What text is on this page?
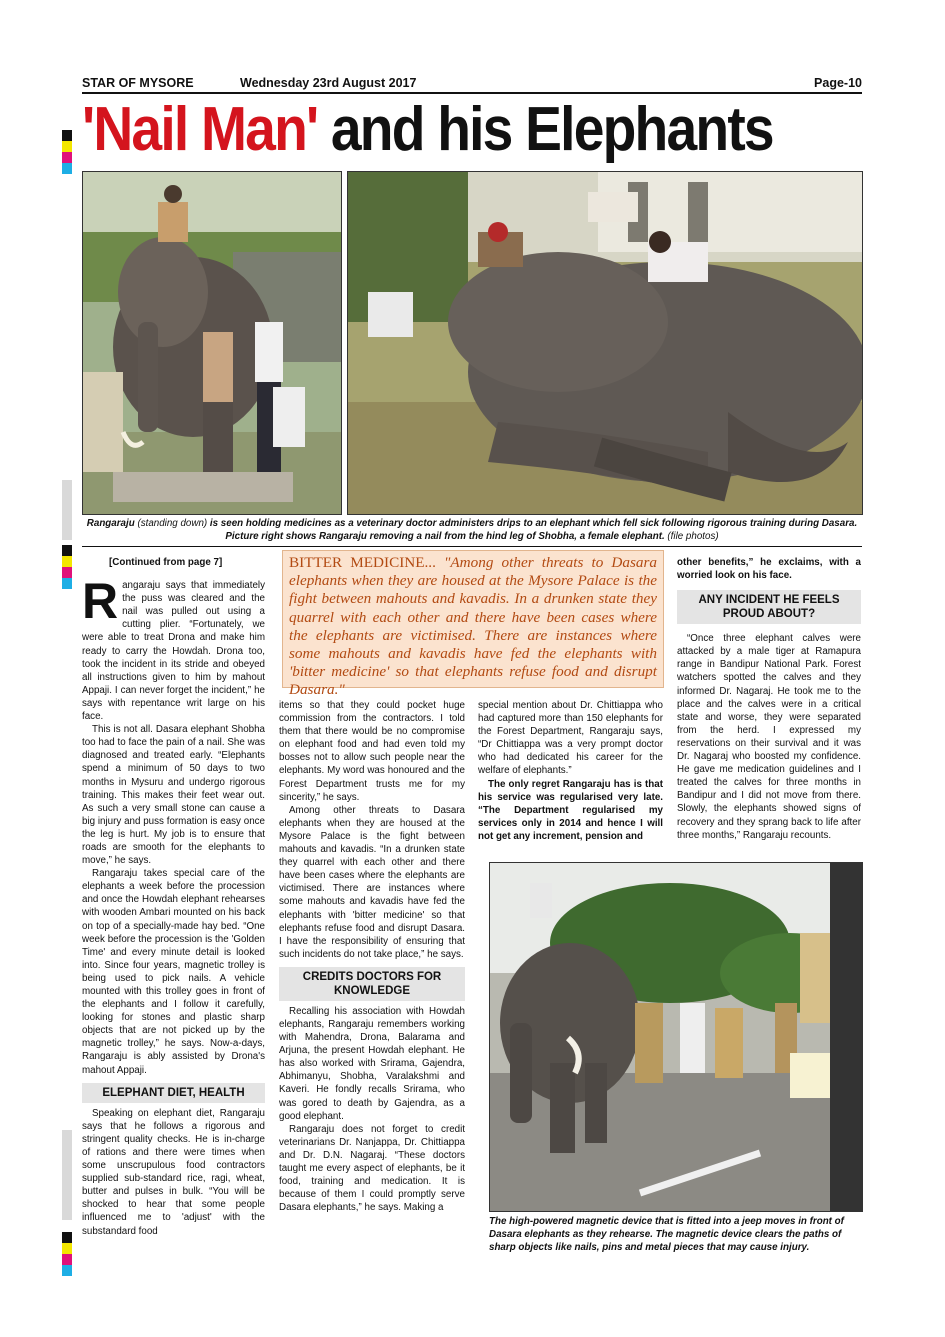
STAR OF MYSORE	Wednesday 23rd August 2017	Page-10
'Nail Man' and his Elephants
Rangaraju (standing down) is seen holding medicines as a veterinary doctor administers drips to an elephant which fell sick following rigorous training during Dasara. Picture right shows Rangaraju removing a nail from the hind leg of Shobha, a female elephant. (file photos)
BITTER MEDICINE... "Among other threats to Dasara elephants when they are housed at the Mysore Palace is the fight between mahouts and kavadis. In a drunken state they quarrel with each other and there have been cases where the elephants are victimised. There are instances where some mahouts and kavadis have fed the elephants with 'bitter medicine' so that elephants refuse food and disrupt Dasara."
[Continued from page 7]

Rangaraju says that immediately the puss was cleared and the nail was pulled out using a cutting plier. “Fortunately, we were able to treat Drona and make him ready to carry the Howdah. Drona too, took the incident in its stride and obeyed all instructions given to him by mahout Appaji. I can never forget the incident,” he says with repentance writ large on his face.

This is not all. Dasara elephant Shobha too had to face the pain of a nail. She was diagnosed and treated early. “Elephants spend a minimum of 50 days to two months in Mysuru and undergo rigorous training. This makes their feet wear out. As such a very small stone can cause a big injury and puss formation is easy once the leg is hurt. My job is to ensure that roads are smooth for the elephants to move,” he says.

Rangaraju takes special care of the elephants a week before the procession and once the Howdah elephant rehearses with wooden Ambari mounted on his back on top of a specially-made hay bed. “One week before the procession is the 'Golden Time' and every minute detail is looked into. Since four years, magnetic trolley is being used to pick nails. A vehicle mounted with this trolley goes in front of the elephants and I follow it carefully, looking for stones and plastic sharp objects that are not picked up by the magnetic trolley,” he says. Now-a-days, Rangaraju is ably assisted by Drona's mahout Appaji.

ELEPHANT DIET, HEALTH

Speaking on elephant diet, Rangaraju says that he follows a rigorous and stringent quality checks. He is in-charge of rations and there were times when some unscrupulous food contractors supplied sub-standard rice, ragi, wheat, butter and pulses in bulk. “You will be shocked to hear that some people influenced me to 'adjust' with the substandard food

items so that they could pocket huge commission from the contractors. I told them that there would be no compromise on elephant food and had even told my bosses not to allow such people near the elephants. My word was honoured and the Forest Department trusts me for my sincerity,” he says.

Among other threats to Dasara elephants when they are housed at the Mysore Palace is the fight between mahouts and kavadis. “In a drunken state they quarrel with each other and there have been cases where the elephants are victimised. There are instances where some mahouts and kavadis have fed the elephants with 'bitter medicine' so that elephants refuse food and disrupt Dasara. I have the responsibility of ensuring that such incidents do not take place,” he says.

CREDITS DOCTORS FOR KNOWLEDGE

Recalling his association with Howdah elephants, Rangaraju remembers working with Mahendra, Drona, Balarama and Arjuna, the present Howdah elephant. He has also worked with Srirama, Gajendra, Abhimanyu, Shobha, Varalakshmi and Kaveri. He fondly recalls Srirama, who was gored to death by Gajendra, as a good elephant.

Rangaraju does not forget to credit veterinarians Dr. Nanjappa, Dr. Chittiappa and Dr. D.N. Nagaraj. “These doctors taught me every aspect of elephants, be it food, training and medication. It is because of them I could promptly serve Dasara elephants,” he says. Making a

special mention about Dr. Chittiappa who had captured more than 150 elephants for the Forest Department, Rangaraju says, “Dr Chittiappa was a very prompt doctor who had dedicated his career for the welfare of elephants.”

The only regret Rangaraju has is that his service was regularised very late. “The Department regularised my services only in 2014 and hence I will not get any increment, pension and

other benefits,” he exclaims, with a worried look on his face.

ANY INCIDENT HE FEELS PROUD ABOUT?

“Once three elephant calves were attacked by a male tiger at Ramapura range in Bandipur National Park. Forest watchers spotted the calves and they informed Dr. Nagaraj. He took me to the place and the calves were in a critical state and worse, they were separated from the herd. I expressed my reservations on their survival and it was Dr. Nagaraj who boosted my confidence. He gave me medication guidelines and I treated the calves for three months in Bandipur and I did not move from there. Slowly, the elephants showed signs of recovery and they sprang back to life after three months,” Rangaraju recounts.

The high-powered magnetic device that is fitted into a jeep moves in front of Dasara elephants as they rehearse. The magnetic device clears the paths of sharp objects like nails, pins and metal pieces that may cause injury.
